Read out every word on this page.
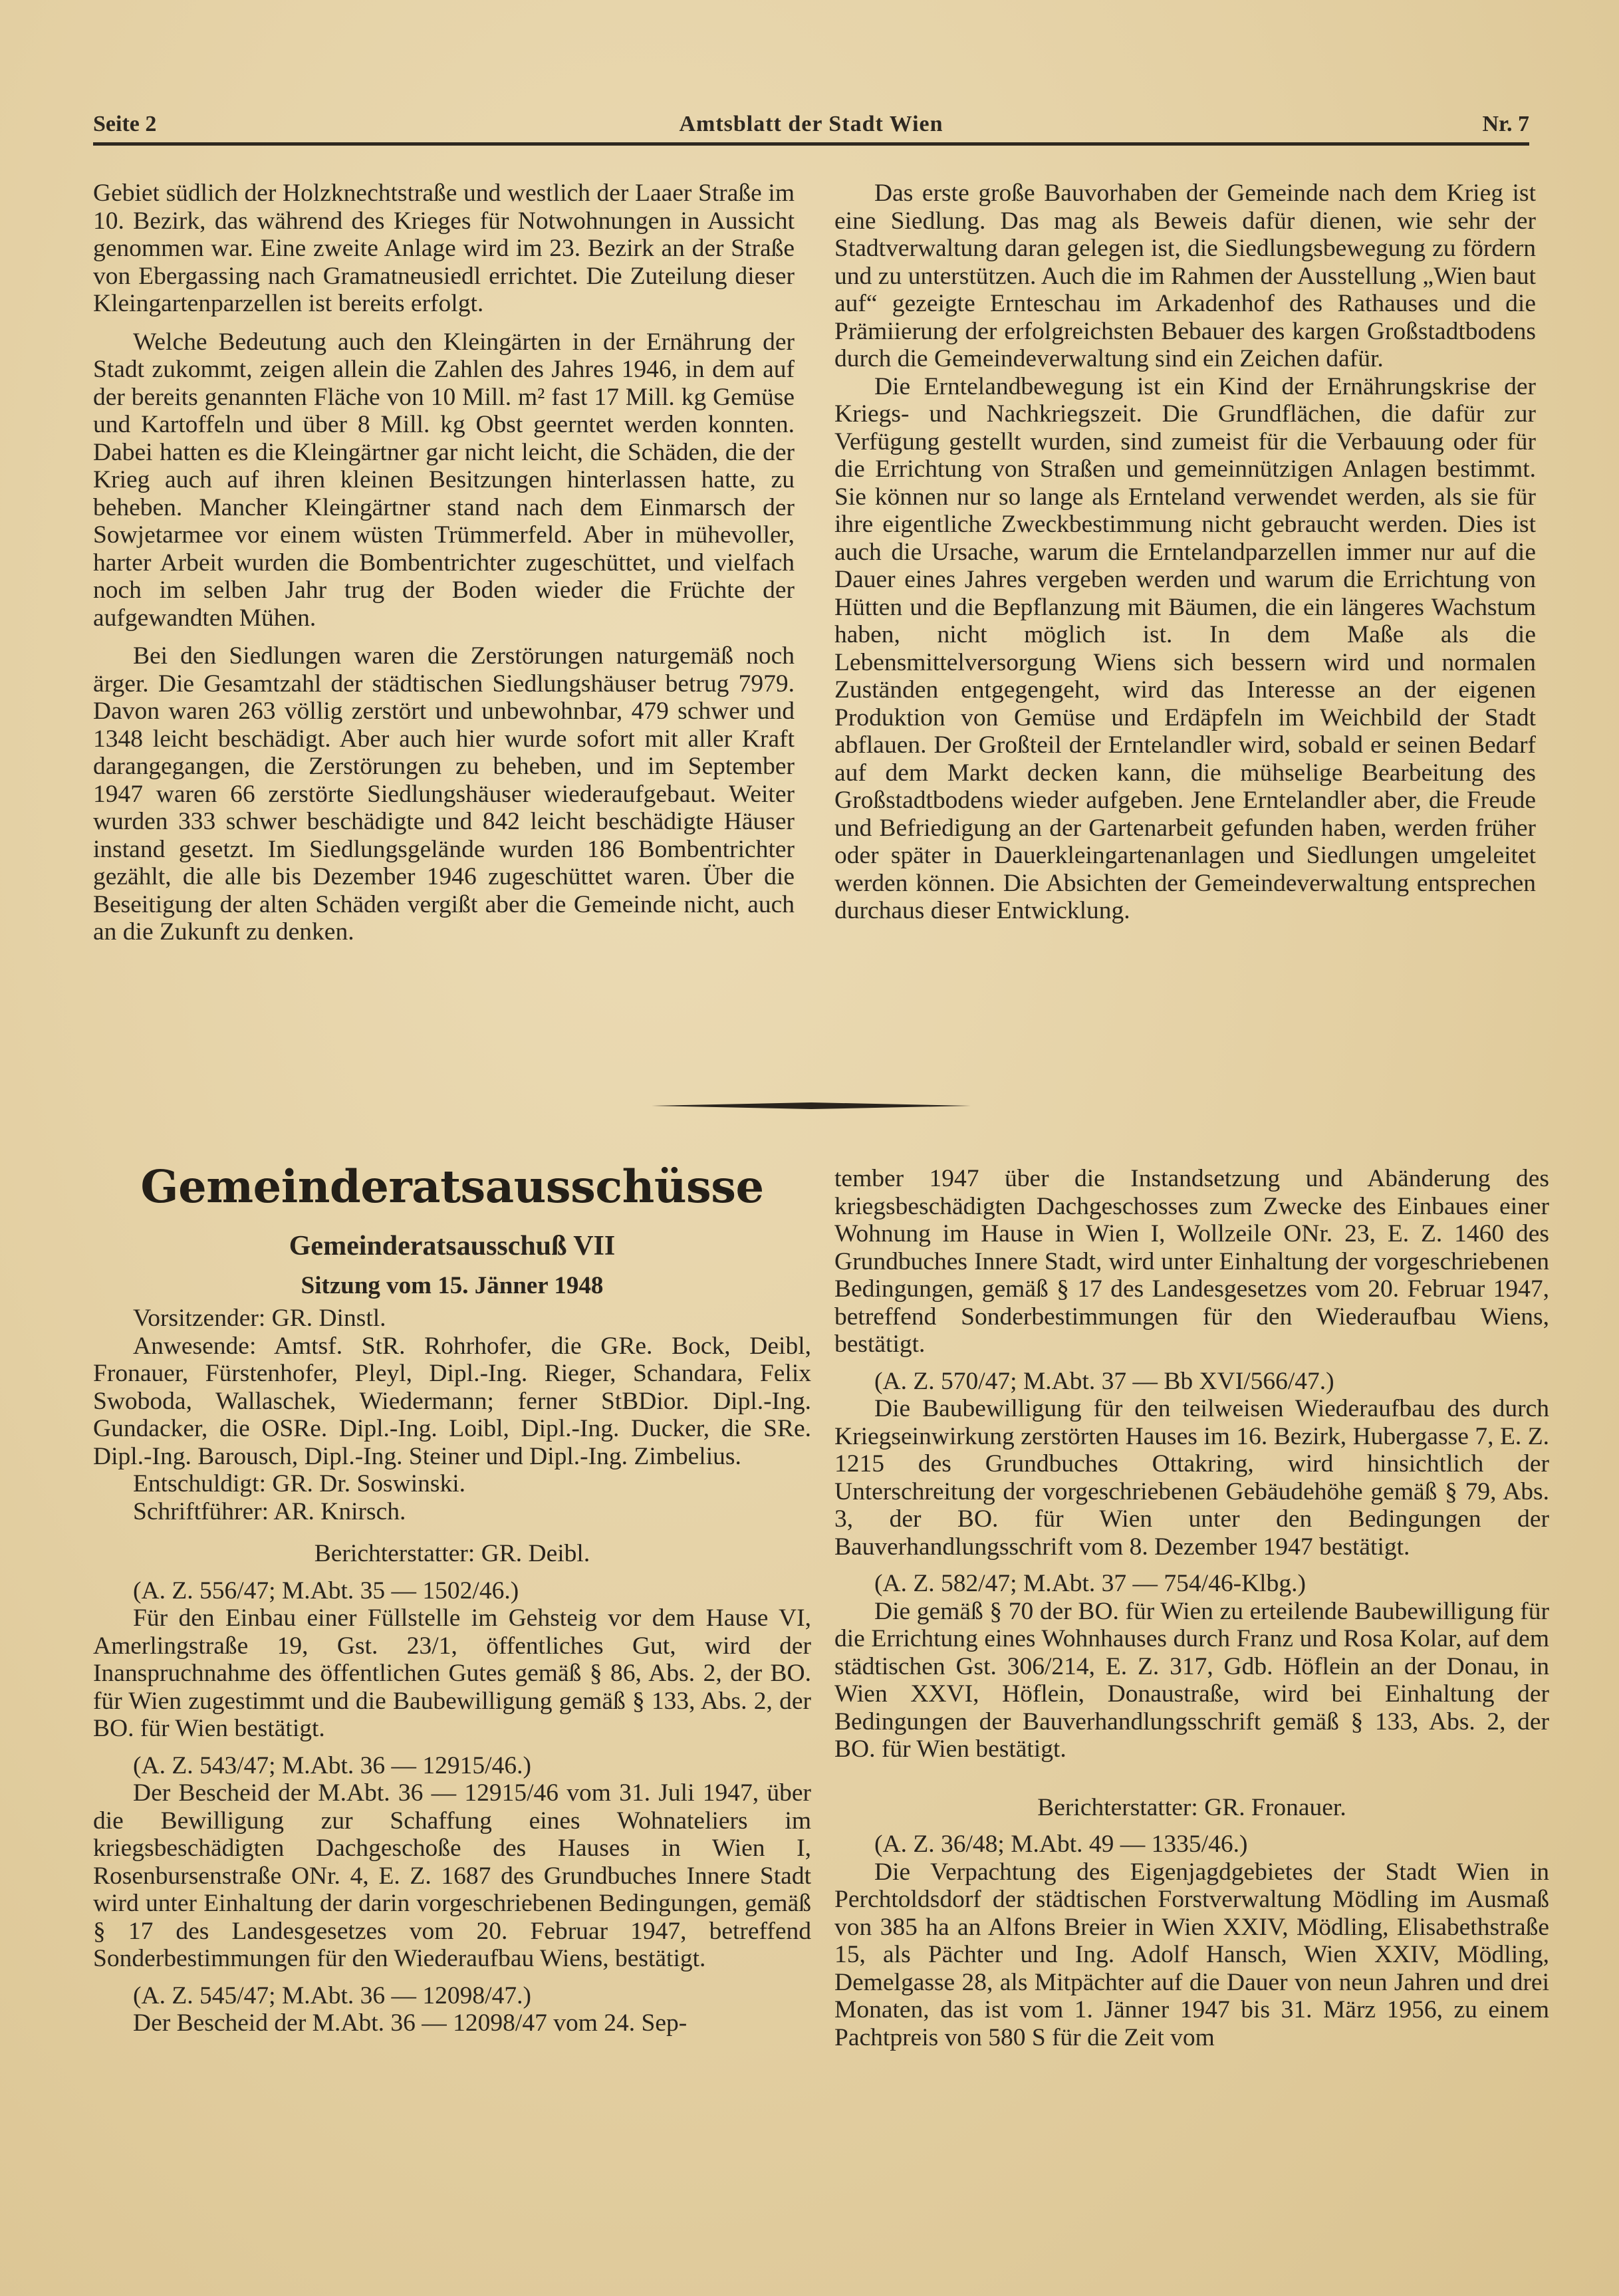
Seite 2	Amtsblatt der Stadt Wien	Nr. 7

Gebiet südlich der Holzknechtstraße und westlich der Laaer Straße im 10. Bezirk, das während des Krieges für Notwohnungen in Aussicht genommen war. Eine zweite Anlage wird im 23. Bezirk an der Straße von Ebergassing nach Gramatneusiedl errichtet. Die Zuteilung dieser Kleingartenparzellen ist bereits erfolgt.

Welche Bedeutung auch den Kleingärten in der Ernährung der Stadt zukommt, zeigen allein die Zahlen des Jahres 1946, in dem auf der bereits genannten Fläche von 10 Mill. m² fast 17 Mill. kg Gemüse und Kartoffeln und über 8 Mill. kg Obst geerntet werden konnten. Dabei hatten es die Kleingärtner gar nicht leicht, die Schäden, die der Krieg auch auf ihren kleinen Besitzungen hinterlassen hatte, zu beheben. Mancher Kleingärtner stand nach dem Einmarsch der Sowjetarmee vor einem wüsten Trümmerfeld. Aber in mühevoller, harter Arbeit wurden die Bombentrichter zugeschüttet, und vielfach noch im selben Jahr trug der Boden wieder die Früchte der aufgewandten Mühen.

Bei den Siedlungen waren die Zerstörungen naturgemäß noch ärger. Die Gesamtzahl der städtischen Siedlungshäuser betrug 7979. Davon waren 263 völlig zerstört und unbewohnbar, 479 schwer und 1348 leicht beschädigt. Aber auch hier wurde sofort mit aller Kraft darangegangen, die Zerstörungen zu beheben, und im September 1947 waren 66 zerstörte Siedlungshäuser wiederaufgebaut. Weiter wurden 333 schwer beschädigte und 842 leicht beschädigte Häuser instand gesetzt. Im Siedlungsgelände wurden 186 Bombentrichter gezählt, die alle bis Dezember 1946 zugeschüttet waren. Über die Beseitigung der alten Schäden vergißt aber die Gemeinde nicht, auch an die Zukunft zu denken.

Das erste große Bauvorhaben der Gemeinde nach dem Krieg ist eine Siedlung. Das mag als Beweis dafür dienen, wie sehr der Stadtverwaltung daran gelegen ist, die Siedlungsbewegung zu fördern und zu unterstützen. Auch die im Rahmen der Ausstellung „Wien baut auf“ gezeigte Ernteschau im Arkadenhof des Rathauses und die Prämiierung der erfolgreichsten Bebauer des kargen Großstadtbodens durch die Gemeindeverwaltung sind ein Zeichen dafür.

Die Erntelandbewegung ist ein Kind der Ernährungskrise der Kriegs- und Nachkriegszeit. Die Grundflächen, die dafür zur Verfügung gestellt wurden, sind zumeist für die Verbauung oder für die Errichtung von Straßen und gemeinnützigen Anlagen bestimmt. Sie können nur so lange als Ernteland verwendet werden, als sie für ihre eigentliche Zweckbestimmung nicht gebraucht werden. Dies ist auch die Ursache, warum die Erntelandparzellen immer nur auf die Dauer eines Jahres vergeben werden und warum die Errichtung von Hütten und die Bepflanzung mit Bäumen, die ein längeres Wachstum haben, nicht möglich ist. In dem Maße als die Lebensmittelversorgung Wiens sich bessern wird und normalen Zuständen entgegengeht, wird das Interesse an der eigenen Produktion von Gemüse und Erdäpfeln im Weichbild der Stadt abflauen. Der Großteil der Erntelandler wird, sobald er seinen Bedarf auf dem Markt decken kann, die mühselige Bearbeitung des Großstadtbodens wieder aufgeben. Jene Erntelandler aber, die Freude und Befriedigung an der Gartenarbeit gefunden haben, werden früher oder später in Dauerkleingartenanlagen und Siedlungen umgeleitet werden können. Die Absichten der Gemeindeverwaltung entsprechen durchaus dieser Entwicklung.

Gemeinderatsausschüsse
Gemeinderatsausschuß VII
Sitzung vom 15. Jänner 1948

Vorsitzender: GR. Dinstl.

Anwesende: Amtsf. StR. Rohrhofer, die GRe. Bock, Deibl, Fronauer, Fürstenhofer, Pleyl, Dipl.-Ing. Rieger, Schandara, Felix Swoboda, Wallaschek, Wiedermann; ferner StBDior. Dipl.-Ing. Gundacker, die OSRe. Dipl.-Ing. Loibl, Dipl.-Ing. Ducker, die SRe. Dipl.-Ing. Barousch, Dipl.-Ing. Steiner und Dipl.-Ing. Zimbelius.

Entschuldigt: GR. Dr. Soswinski.

Schriftführer: AR. Knirsch.

Berichterstatter: GR. Deibl.

(A. Z. 556/47; M.Abt. 35 — 1502/46.)

Für den Einbau einer Füllstelle im Gehsteig vor dem Hause VI, Amerlingstraße 19, Gst. 23/1, öffentliches Gut, wird der Inanspruchnahme des öffentlichen Gutes gemäß § 86, Abs. 2, der BO. für Wien zugestimmt und die Baubewilligung gemäß § 133, Abs. 2, der BO. für Wien bestätigt.

(A. Z. 543/47; M.Abt. 36 — 12915/46.)

Der Bescheid der M.Abt. 36 — 12915/46 vom 31. Juli 1947, über die Bewilligung zur Schaffung eines Wohnateliers im kriegsbeschädigten Dachgeschoße des Hauses in Wien I, Rosenbursenstraße ONr. 4, E. Z. 1687 des Grundbuches Innere Stadt wird unter Einhaltung der darin vorgeschriebenen Bedingungen, gemäß § 17 des Landesgesetzes vom 20. Februar 1947, betreffend Sonderbestimmungen für den Wiederaufbau Wiens, bestätigt.

(A. Z. 545/47; M.Abt. 36 — 12098/47.)

Der Bescheid der M.Abt. 36 — 12098/47 vom 24. Sep-

tember 1947 über die Instandsetzung und Abänderung des kriegsbeschädigten Dachgeschosses zum Zwecke des Einbaues einer Wohnung im Hause in Wien I, Wollzeile ONr. 23, E. Z. 1460 des Grundbuches Innere Stadt, wird unter Einhaltung der vorgeschriebenen Bedingungen, gemäß § 17 des Landesgesetzes vom 20. Februar 1947, betreffend Sonderbestimmungen für den Wiederaufbau Wiens, bestätigt.

(A. Z. 570/47; M.Abt. 37 — Bb XVI/566/47.)

Die Baubewilligung für den teilweisen Wiederaufbau des durch Kriegseinwirkung zerstörten Hauses im 16. Bezirk, Hubergasse 7, E. Z. 1215 des Grundbuches Ottakring, wird hinsichtlich der Unterschreitung der vorgeschriebenen Gebäudehöhe gemäß § 79, Abs. 3, der BO. für Wien unter den Bedingungen der Bauverhandlungsschrift vom 8. Dezember 1947 bestätigt.

(A. Z. 582/47; M.Abt. 37 — 754/46-Klbg.)

Die gemäß § 70 der BO. für Wien zu erteilende Baubewilligung für die Errichtung eines Wohnhauses durch Franz und Rosa Kolar, auf dem städtischen Gst. 306/214, E. Z. 317, Gdb. Höflein an der Donau, in Wien XXVI, Höflein, Donaustraße, wird bei Einhaltung der Bedingungen der Bauverhandlungsschrift gemäß § 133, Abs. 2, der BO. für Wien bestätigt.

Berichterstatter: GR. Fronauer.

(A. Z. 36/48; M.Abt. 49 — 1335/46.)

Die Verpachtung des Eigenjagdgebietes der Stadt Wien in Perchtoldsdorf der städtischen Forstverwaltung Mödling im Ausmaß von 385 ha an Alfons Breier in Wien XXIV, Mödling, Elisabethstraße 15, als Pächter und Ing. Adolf Hansch, Wien XXIV, Mödling, Demelgasse 28, als Mitpächter auf die Dauer von neun Jahren und drei Monaten, das ist vom 1. Jänner 1947 bis 31. März 1956, zu einem Pachtpreis von 580 S für die Zeit vom
